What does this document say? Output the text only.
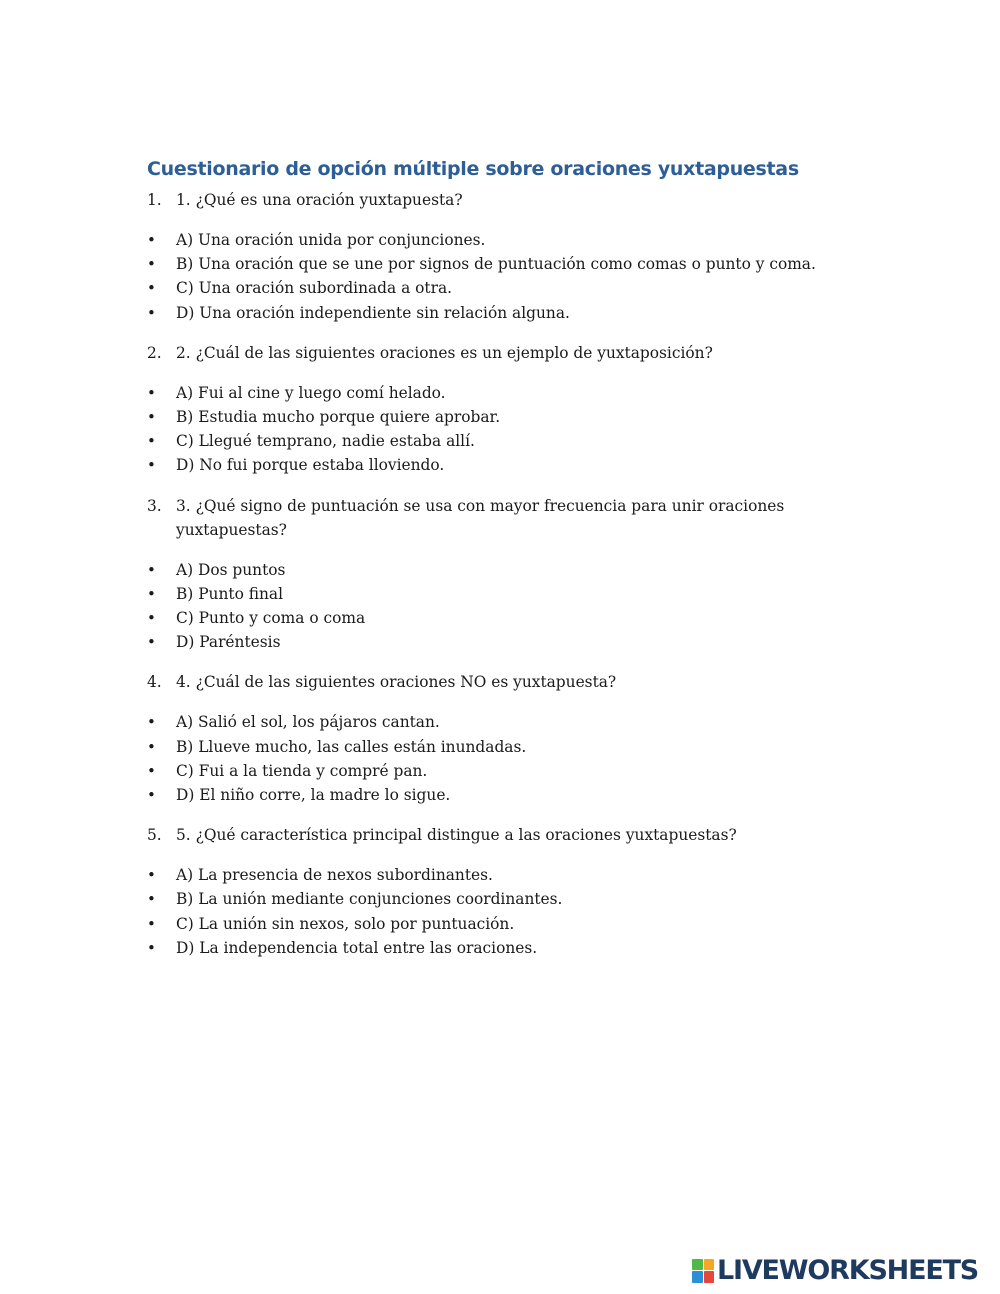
Cuestionario de opción múltiple sobre oraciones yuxtapuestas
1. 1. ¿Qué es una oración yuxtapuesta?
•	A) Una oración unida por conjunciones.
•	B) Una oración que se une por signos de puntuación como comas o punto y coma.
•	C) Una oración subordinada a otra.
•	D) Una oración independiente sin relación alguna.
2. 2. ¿Cuál de las siguientes oraciones es un ejemplo de yuxtaposición?
•	A) Fui al cine y luego comí helado.
•	B) Estudia mucho porque quiere aprobar.
•	C) Llegué temprano, nadie estaba allí.
•	D) No fui porque estaba lloviendo.
3. 3. ¿Qué signo de puntuación se usa con mayor frecuencia para unir oraciones yuxtapuestas?
•	A) Dos puntos
•	B) Punto final
•	C) Punto y coma o coma
•	D) Paréntesis
4. 4. ¿Cuál de las siguientes oraciones NO es yuxtapuesta?
•	A) Salió el sol, los pájaros cantan.
•	B) Llueve mucho, las calles están inundadas.
•	C) Fui a la tienda y compré pan.
•	D) El niño corre, la madre lo sigue.
5. 5. ¿Qué característica principal distingue a las oraciones yuxtapuestas?
•	A) La presencia de nexos subordinantes.
•	B) La unión mediante conjunciones coordinantes.
•	C) La unión sin nexos, solo por puntuación.
•	D) La independencia total entre las oraciones.
LIVEWORKSHEETS
